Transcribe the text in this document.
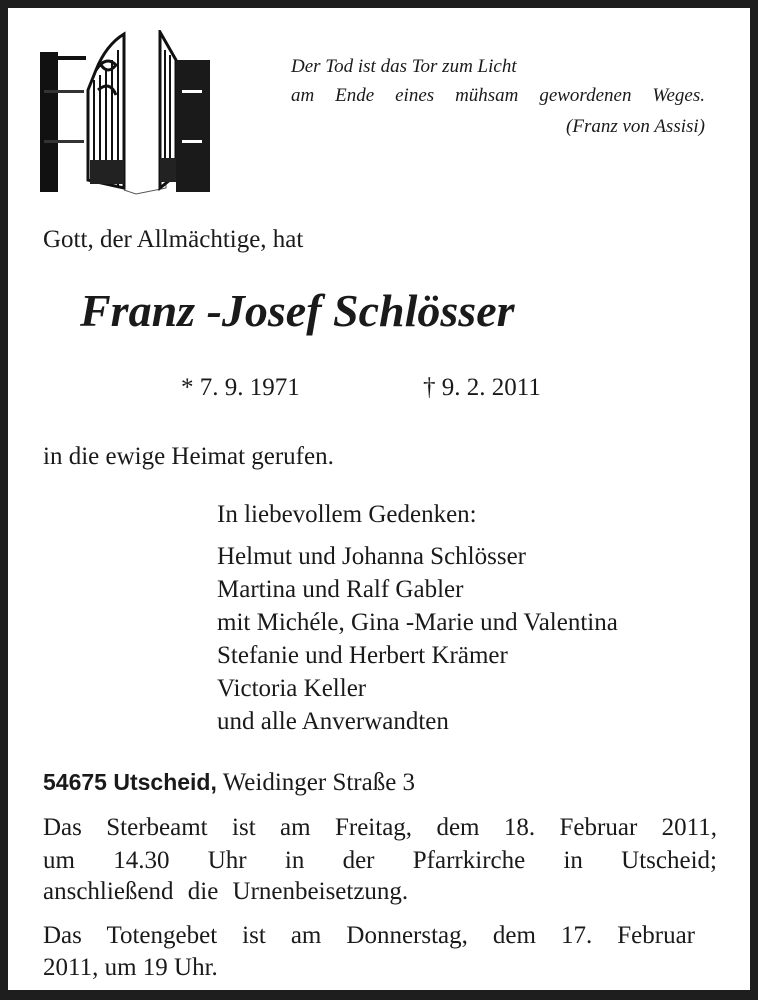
Der Tod ist das Tor zum Licht
am Ende eines mühsam gewordenen Weges.
(Franz von Assisi)
Gott, der Allmächtige, hat
Franz -Josef Schlösser
* 7. 9. 1971	† 9. 2. 2011
in die ewige Heimat gerufen.
In liebevollem Gedenken:
Helmut und Johanna Schlösser
Martina und Ralf Gabler
mit Michéle, Gina -Marie und Valentina
Stefanie und Herbert Krämer
Victoria Keller
und alle Anverwandten
54675 Utscheid, Weidinger Straße 3
Das Sterbeamt ist am Freitag, dem 18. Februar 2011,
um 14.30 Uhr in der Pfarrkirche in Utscheid;
anschließend die Urnenbeisetzung.
Das Totengebet ist am Donnerstag, dem 17. Februar
2011, um 19 Uhr.
